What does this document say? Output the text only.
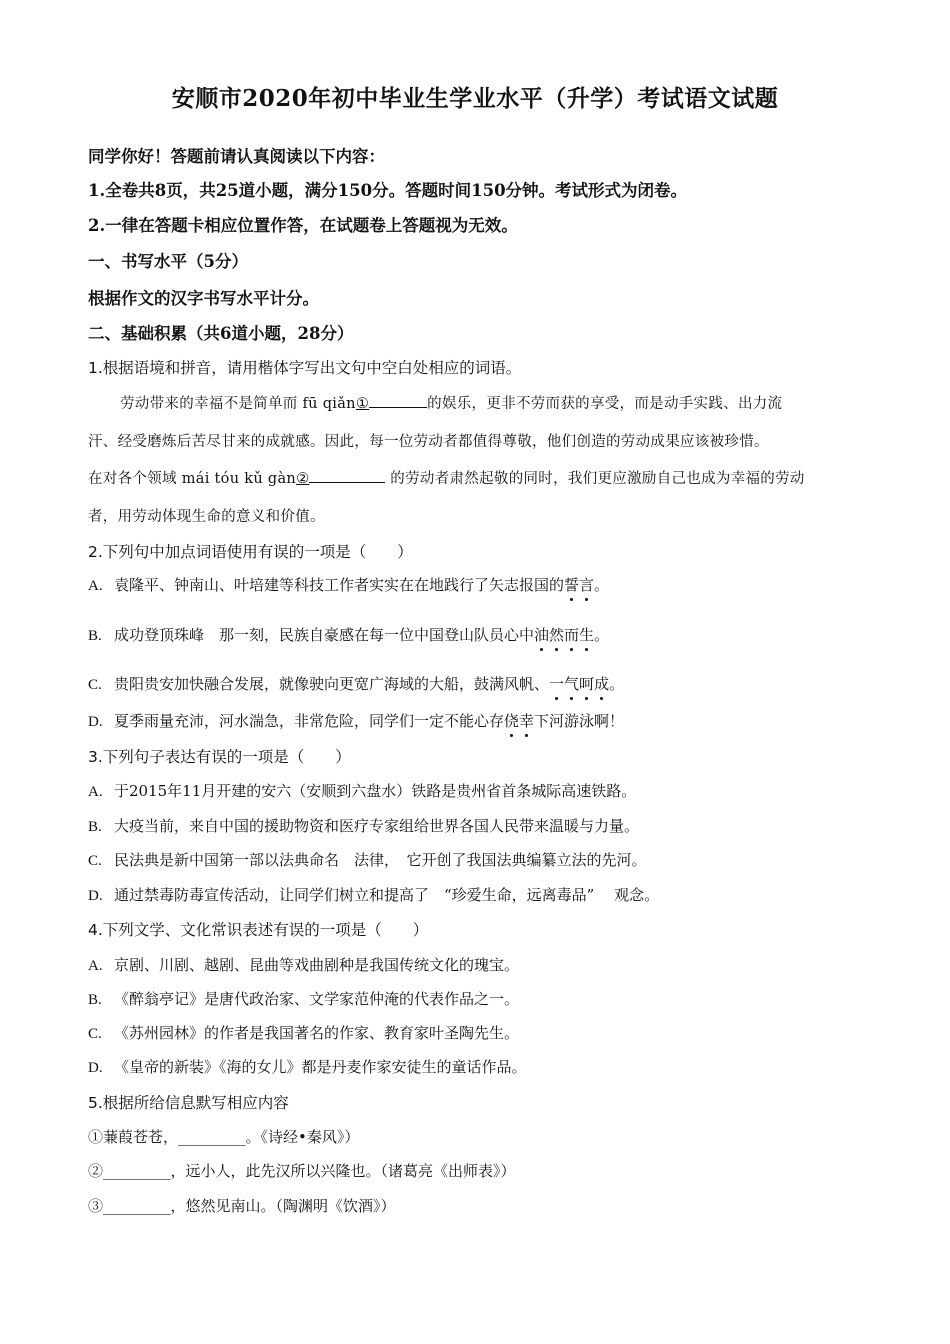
安顺市2020年初中毕业生学业水平（升学）考试语文试题
同学你好！答题前请认真阅读以下内容：
1.全卷共8页，共25道小题，满分150分。答题时间150分钟。考试形式为闭卷。
2.一律在答题卡相应位置作答，在试题卷上答题视为无效。
一、书写水平（5分）
根据作文的汉字书写水平计分。
二、基础积累（共6道小题，28分）
1.根据语境和拼音，请用楷体字写出文句中空白处相应的词语。
劳动带来的幸福不是简单而 fū qiǎn①	的娱乐，更非不劳而获的享受，而是动手实践、出力流
汗、经受磨炼后苦尽甘来的成就感。因此，每一位劳动者都值得尊敬，他们创造的劳动成果应该被珍惜。
在对各个领域 mái tóu kǔ gàn②	的劳动者肃然起敬的同时，我们更应激励自己也成为幸福的劳动
者，用劳动体现生命的意义和价值。
2.下列句中加点词语使用有误的一项是（　　）
A. 袁隆平、钟南山、叶培建等科技工作者实实在在地践行了矢志报国的誓言。
B. 成功登顶珠峰　那一刻，民族自豪感在每一位中国登山队员心中油然而生。
C. 贵阳贵安加快融合发展，就像驶向更宽广海域的大船，鼓满风帆、一气呵成。
D. 夏季雨量充沛，河水湍急，非常危险，同学们一定不能心存侥幸下河游泳啊！
3.下列句子表达有误的一项是（　　）
A. 于2015年11月开建的安六（安顺到六盘水）铁路是贵州省首条城际高速铁路。
B. 大疫当前，来自中国的援助物资和医疗专家组给世界各国人民带来温暖与力量。
C. 民法典是新中国第一部以法典命名　法律，　它开创了我国法典编纂立法的先河。
D. 通过禁毒防毒宣传活动，让同学们树立和提高了　“珍爱生命，远离毒品”　 观念。
4.下列文学、文化常识表述有误的一项是（　　）
A. 京剧、川剧、越剧、昆曲等戏曲剧种是我国传统文化的瑰宝。
B. 《醉翁亭记》是唐代政治家、文学家范仲淹的代表作品之一。
C. 《苏州园林》的作者是我国著名的作家、教育家叶圣陶先生。
D. 《皇帝的新装》《海的女儿》都是丹麦作家安徒生的童话作品。
5.根据所给信息默写相应内容
①蒹葭苍苍，_________。《诗经•秦风》）
②_________，远小人，此先汉所以兴隆也。（诸葛亮《出师表》）
③_________，悠然见南山。（陶渊明《饮酒》）
